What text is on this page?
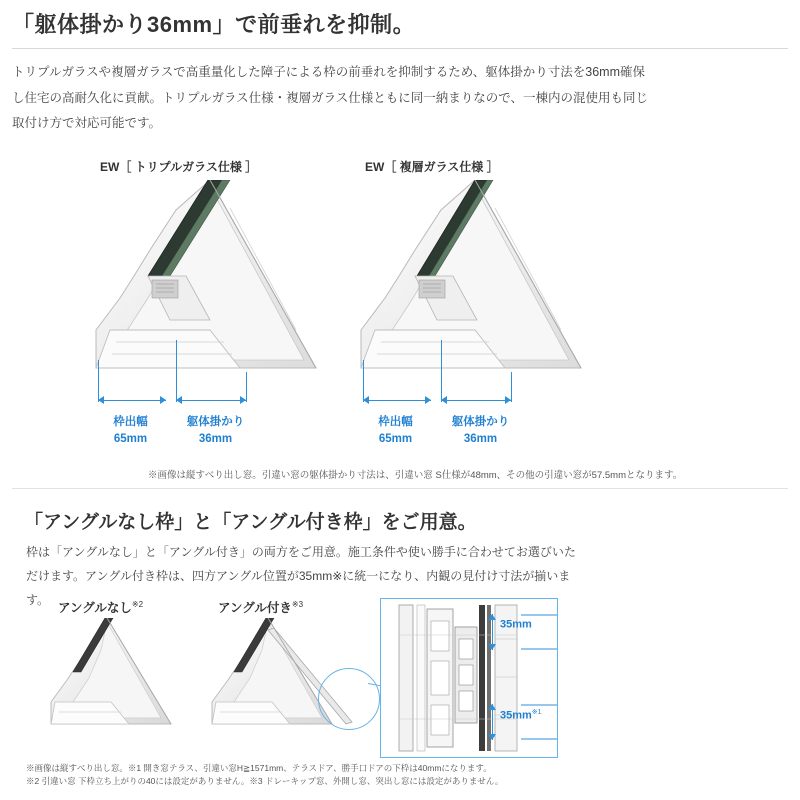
「躯体掛かり36mm」で前垂れを抑制。
トリプルガラスや複層ガラスで高重量化した障子による枠の前垂れを抑制するため、躯体掛かり寸法を36mm確保し住宅の高耐久化に貢献。トリプルガラス仕様・複層ガラス仕様ともに同一納まりなので、一棟内の混使用も同じ取付け方で対応可能です。
EW［ トリプルガラス仕様 ］	EW［ 複層ガラス仕様 ］
枠出幅
65mm
躯体掛かり
36mm
枠出幅
65mm
躯体掛かり
36mm
※画像は縦すべり出し窓。引違い窓の躯体掛かり寸法は、引違い窓 S仕様が48mm、その他の引違い窓が57.5mmとなります。
「アングルなし枠」と「アングル付き枠」をご用意。
枠は「アングルなし」と「アングル付き」の両方をご用意。施工条件や使い勝手に合わせてお選びいただけます。アングル付き枠は、四方アングル位置が35mm※に統一になり、内観の見付け寸法が揃います。
アングルなし$^{※2}$	アングル付き$^{※3}$
35mm
$35mm^{※1}$
※画像は縦すべり出し窓。※1 開き窓テラス、引違い窓H≧1571mm、テラスドア、勝手口ドアの下枠は40mmになります。
※2 引違い窓 下枠立ち上がりの40には設定がありません。※3 ドレーキップ窓、外開し窓、突出し窓には設定がありません。
